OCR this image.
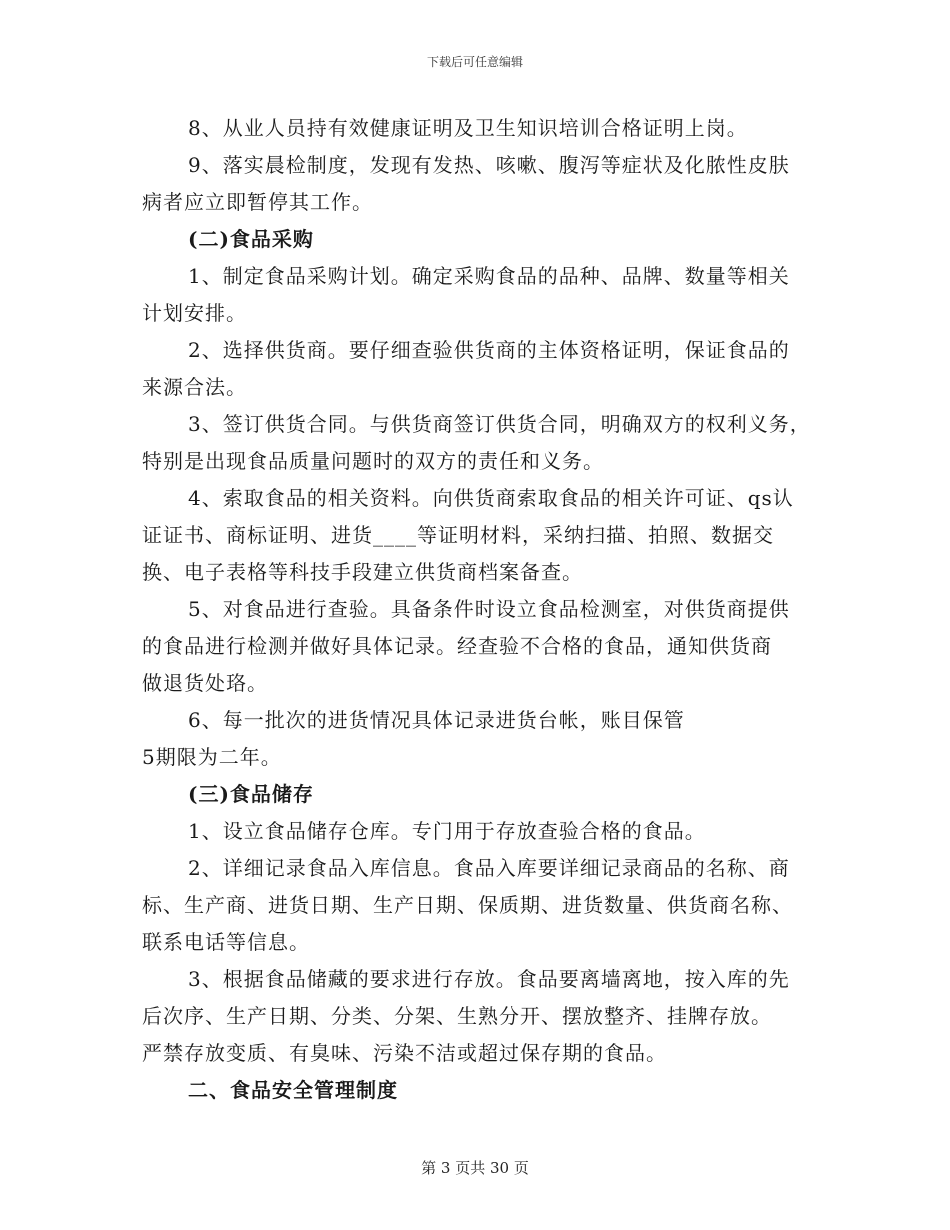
下载后可任意编辑
8、从业人员持有效健康证明及卫生知识培训合格证明上岗。
9、落实晨检制度，发现有发热、咳嗽、腹泻等症状及化脓性皮肤
病者应立即暂停其工作。
(二)食品采购
1、制定食品采购计划。确定采购食品的品种、品牌、数量等相关
计划安排。
2、选择供货商。要仔细查验供货商的主体资格证明，保证食品的
来源合法。
3、签订供货合同。与供货商签订供货合同，明确双方的权利义务，
特别是出现食品质量问题时的双方的责任和义务。
4、索取食品的相关资料。向供货商索取食品的相关许可证、qs认
证证书、商标证明、进货____等证明材料，采纳扫描、拍照、数据交
换、电子表格等科技手段建立供货商档案备查。
5、对食品进行查验。具备条件时设立食品检测室，对供货商提供
的食品进行检测并做好具体记录。经查验不合格的食品，通知供货商
做退货处珞。
6、每一批次的进货情况具体记录进货台帐，账目保管
5期限为二年。
(三)食品储存
1、设立食品储存仓库。专门用于存放查验合格的食品。
2、详细记录食品入库信息。食品入库要详细记录商品的名称、商
标、生产商、进货日期、生产日期、保质期、进货数量、供货商名称、
联系电话等信息。
3、根据食品储藏的要求进行存放。食品要离墙离地，按入库的先
后次序、生产日期、分类、分架、生熟分开、摆放整齐、挂牌存放。
严禁存放变质、有臭味、污染不洁或超过保存期的食品。
二、食品安全管理制度
第 3 页共 30 页
